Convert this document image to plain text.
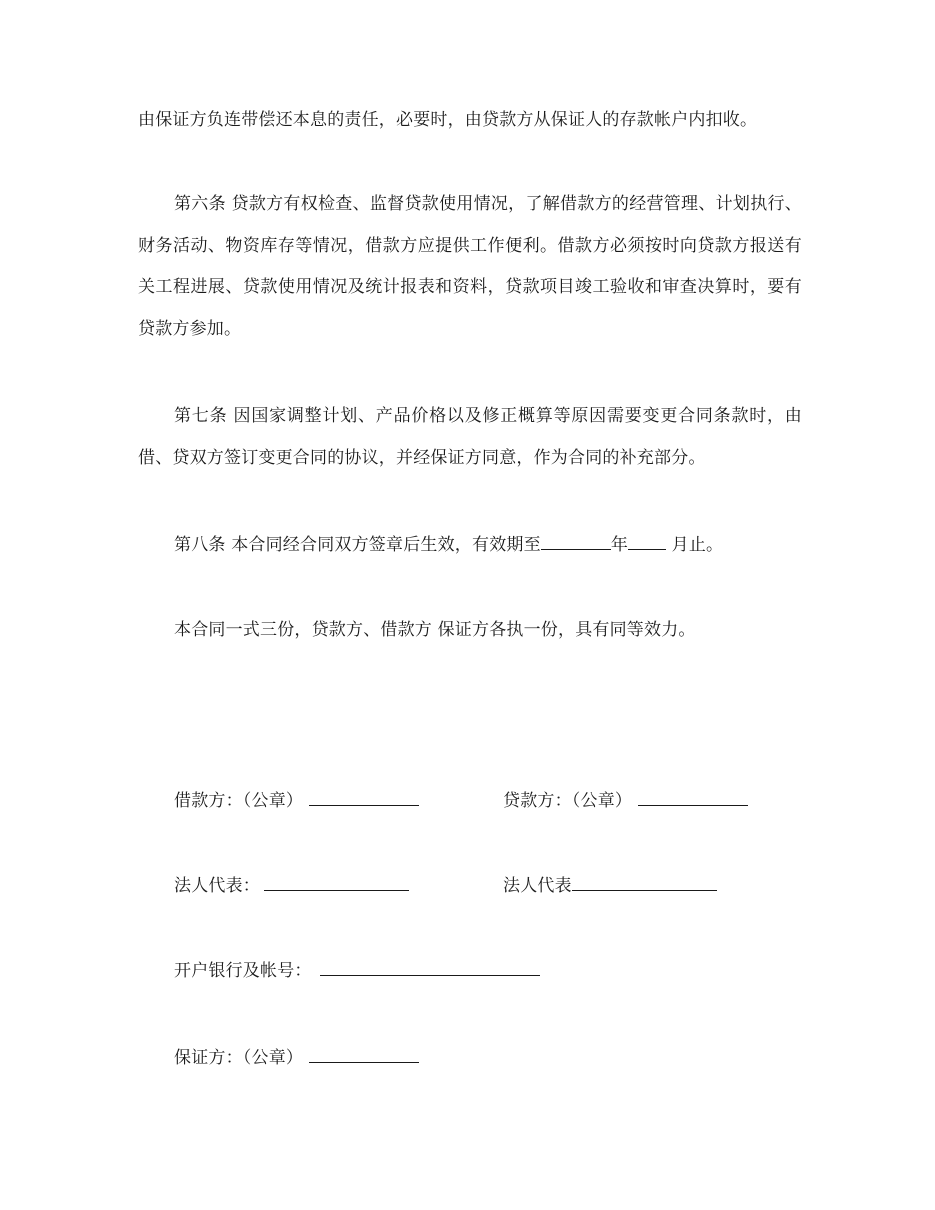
由保证方负连带偿还本息的责任，必要时，由贷款方从保证人的存款帐户内扣收。

第六条 贷款方有权检查、监督贷款使用情况，了解借款方的经营管理、计划执行、财务活动、物资库存等情况，借款方应提供工作便利。借款方必须按时向贷款方报送有关工程进展、贷款使用情况及统计报表和资料，贷款项目竣工验收和审查决算时，要有贷款方参加。

第七条 因国家调整计划、产品价格以及修正概算等原因需要变更合同条款时，由借、贷双方签订变更合同的协议，并经保证方同意，作为合同的补充部分。

第八条 本合同经合同双方签章后生效，有效期至	年 月止。
本合同一式三份，贷款方、借款方 保证方各执一份，具有同等效力。
借款方：（公章）	贷款方：（公章）
法人代表：	法人代表
开户银行及帐号：
保证方：（公章）
